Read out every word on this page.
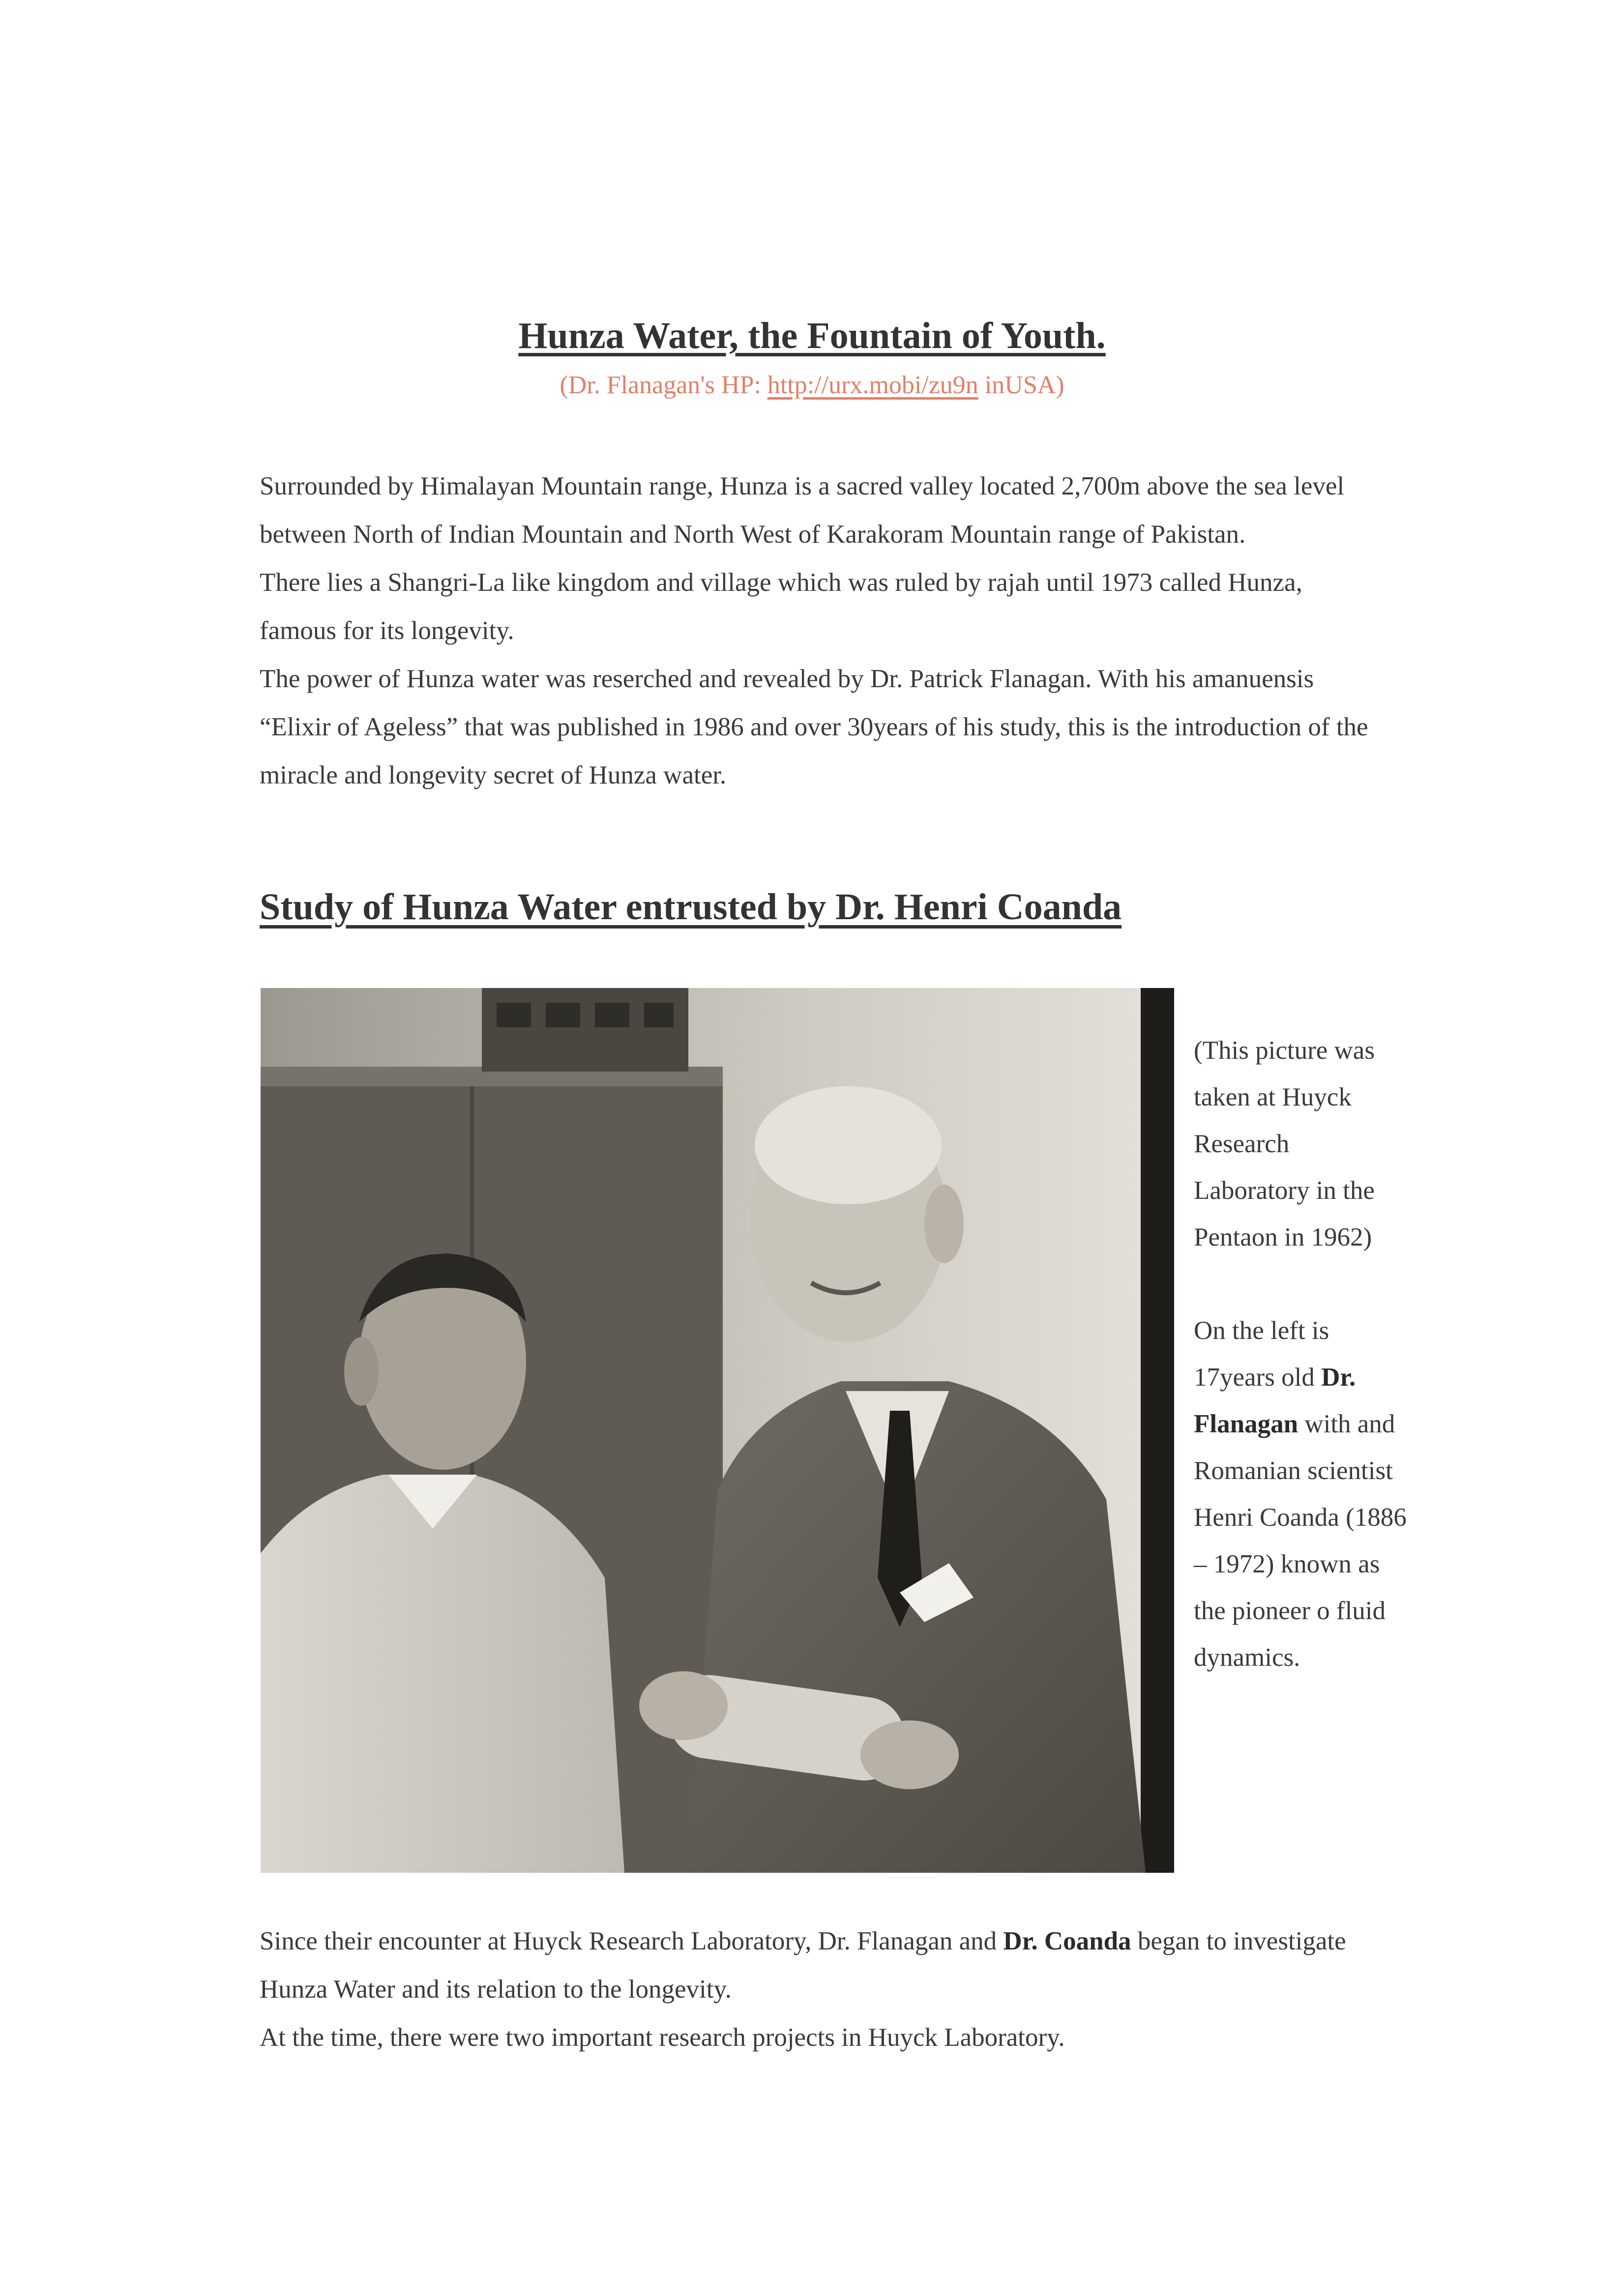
Hunza Water, the Fountain of Youth.
(Dr. Flanagan's HP: http://urx.mobi/zu9n inUSA)

Surrounded by Himalayan Mountain range, Hunza is a sacred valley located 2,700m above the sea level between North of Indian Mountain and North West of Karakoram Mountain range of Pakistan.

There lies a Shangri-La like kingdom and village which was ruled by rajah until 1973 called Hunza, famous for its longevity.

The power of Hunza water was reserched and revealed by Dr. Patrick Flanagan. With his amanuensis “Elixir of Ageless” that was published in 1986 and over 30years of his study, this is the introduction of the miracle and longevity secret of Hunza water.

Study of Hunza Water entrusted by Dr. Henri Coanda

(This picture was taken at Huyck Research Laboratory in the Pentaon in 1962)

On the left is 17years old Dr. Flanagan with and Romanian scientist Henri Coanda (1886 – 1972) known as the pioneer o fluid dynamics.

Since their encounter at Huyck Research Laboratory, Dr. Flanagan and Dr. Coanda began to investigate Hunza Water and its relation to the longevity.

At the time, there were two important research projects in Huyck Laboratory.
